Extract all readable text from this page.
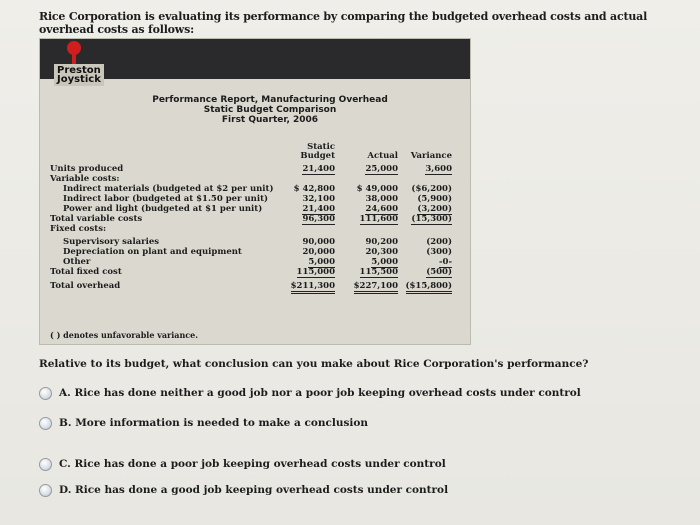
Rice Corporation is evaluating its performance by comparing the budgeted overhead costs and actual overhead costs as follows:
Preston
Joystick
Performance Report, Manufacturing Overhead
Static Budget Comparison
First Quarter, 2006
Static
Budget	Actual	Variance
Units produced	21,400	25,000	3,600
Variable costs:
Indirect materials (budgeted at $2 per unit)	$ 42,800	$ 49,000	($6,200)
Indirect labor (budgeted at $1.50 per unit)	32,100	38,000	(5,900)
Power and light (budgeted at $1 per unit)	21,400	24,600	(3,200)
Total variable costs	96,300	111,600	(15,300)
Fixed costs:
Supervisory salaries	90,000	90,200	(200)
Depreciation on plant and equipment	20,000	20,300	(300)
Other	5,000	5,000	-0-
Total fixed cost	115,000	115,500	(500)
Total overhead	$211,300	$227,100 ($15,800)
( ) denotes unfavorable variance.
Relative to its budget, what conclusion can you make about Rice Corporation's performance?
A. Rice has done neither a good job nor a poor job keeping overhead costs under control
B. More information is needed to make a conclusion
C. Rice has done a poor job keeping overhead costs under control
D. Rice has done a good job keeping overhead costs under control
